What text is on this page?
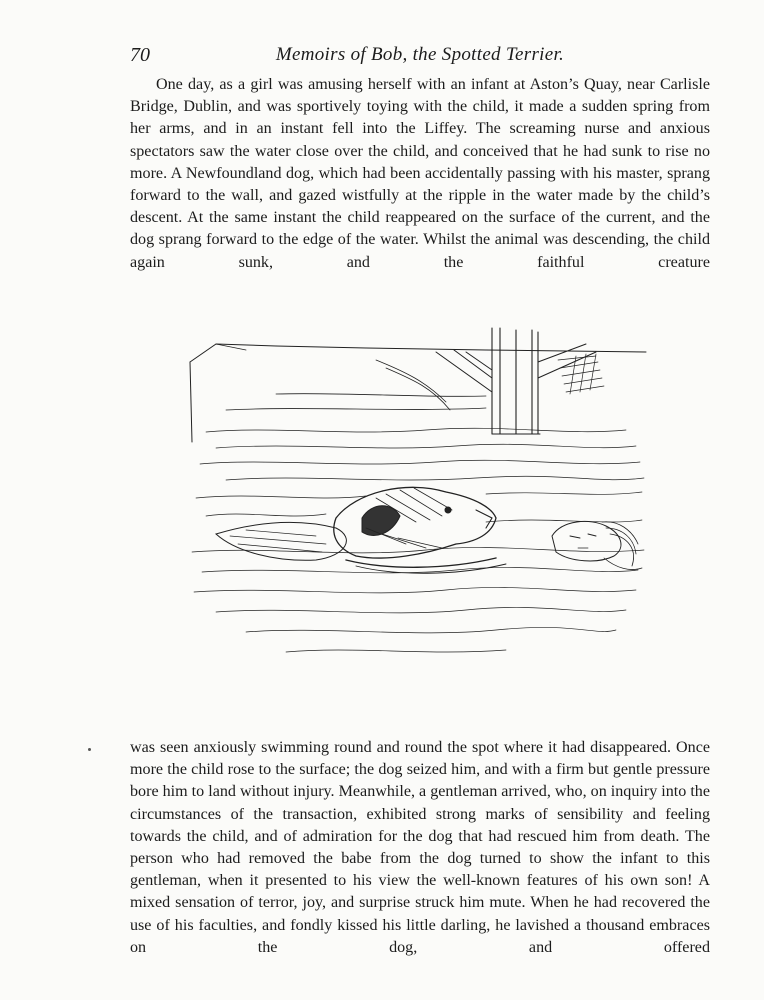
70	Memoirs of Bob, the Spotted Terrier.

One day, as a girl was amusing herself with an infant at Aston’s Quay, near Carlisle Bridge, Dublin, and was sportively toying with the child, it made a sudden spring from her arms, and in an instant fell into the Liffey. The screaming nurse and anxious spectators saw the water close over the child, and conceived that he had sunk to rise no more. A Newfoundland dog, which had been accidentally passing with his master, sprang forward to the wall, and gazed wistfully at the ripple in the water made by the child’s descent. At the same instant the child reappeared on the surface of the current, and the dog sprang forward to the edge of the water. Whilst the animal was descending, the child again sunk, and the faithful creature

was seen anxiously swimming round and round the spot where it had disappeared. Once more the child rose to the surface; the dog seized him, and with a firm but gentle pressure bore him to land without injury. Meanwhile, a gentleman arrived, who, on inquiry into the circumstances of the transaction, exhibited strong marks of sensibility and feeling towards the child, and of admiration for the dog that had rescued him from death. The person who had removed the babe from the dog turned to show the infant to this gentleman, when it presented to his view the well-known features of his own son! A mixed sensation of terror, joy, and surprise struck him mute. When he had recovered the use of his faculties, and fondly kissed his little darling, he lavished a thousand embraces on the dog, and offered
